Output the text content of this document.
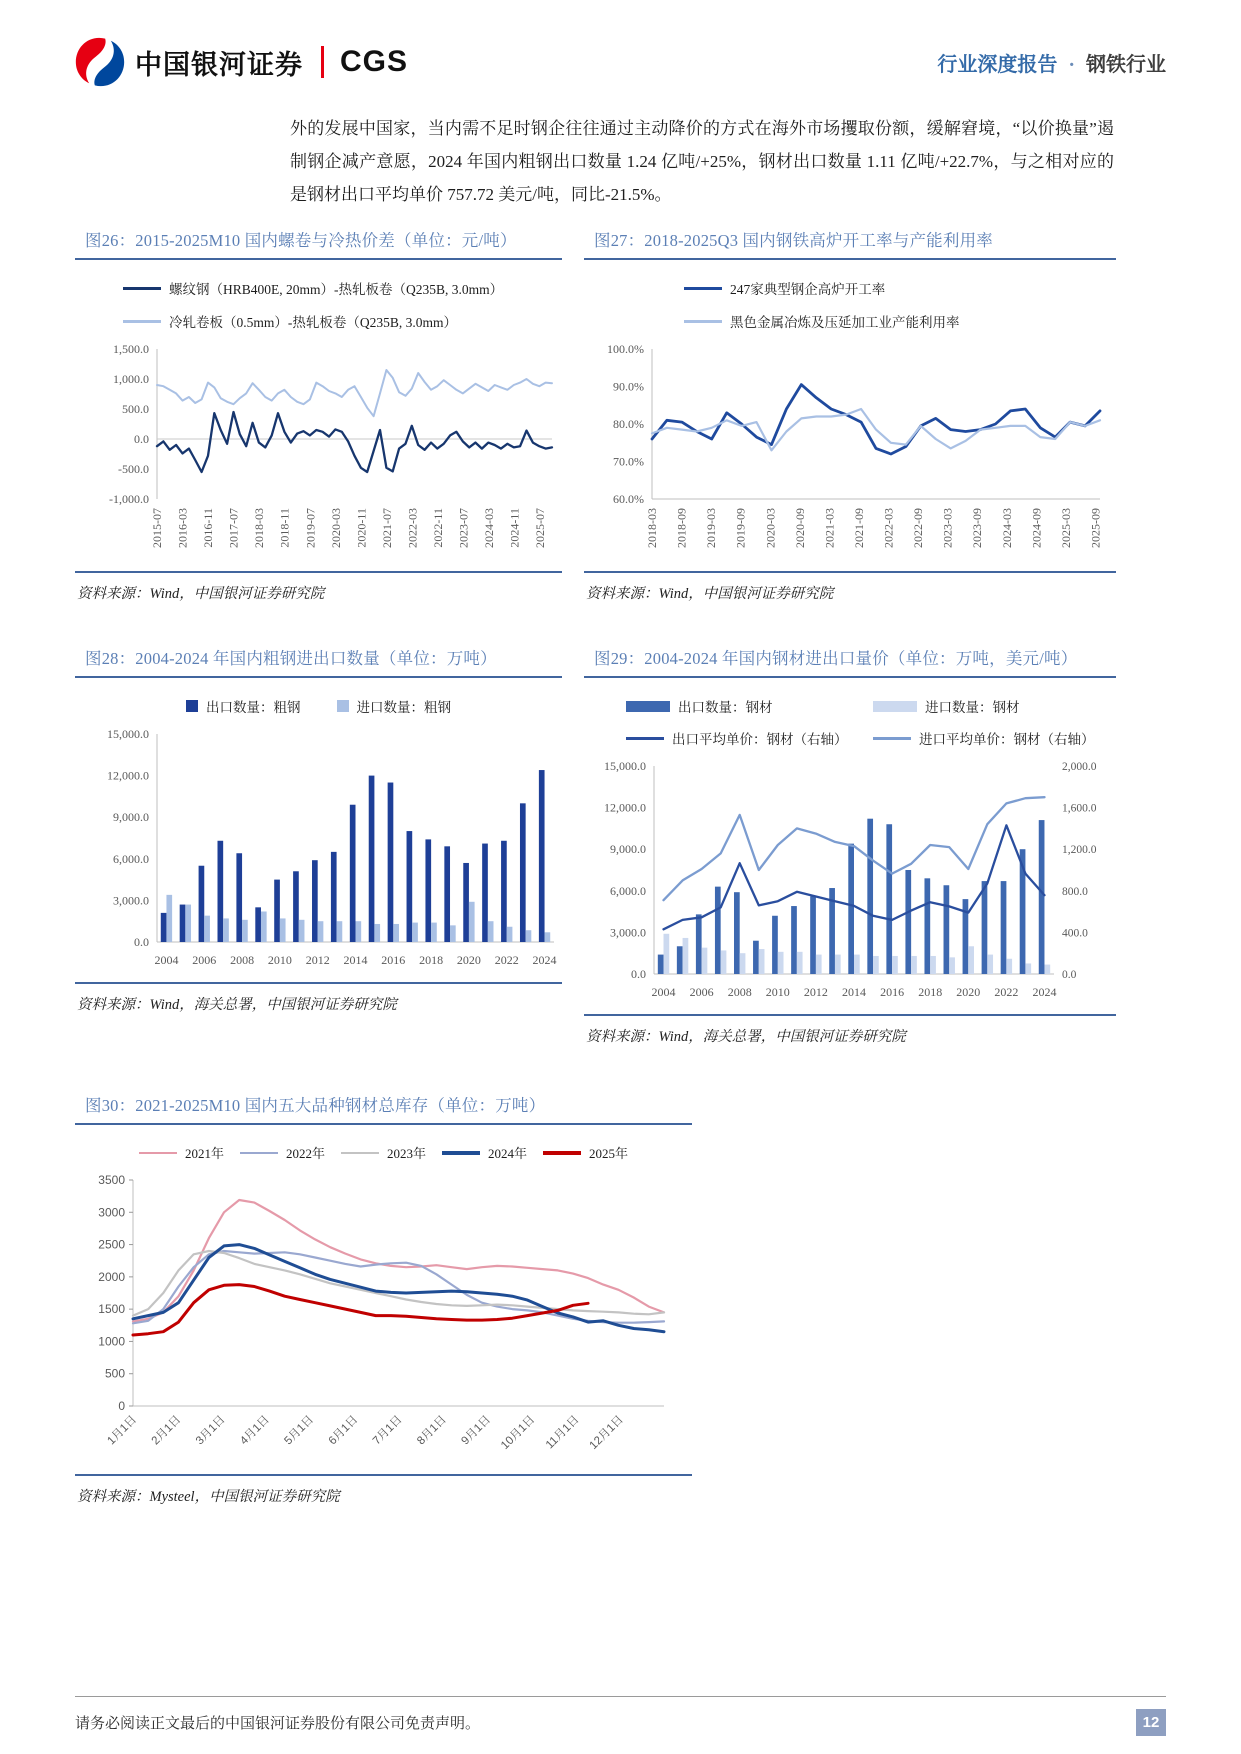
中国银河证券 CGS	行业深度报告 · 钢铁行业

外的发展中国家，当内需不足时钢企往往通过主动降价的方式在海外市场攫取份额，缓解窘境，“以价换量”遏制钢企减产意愿，2024 年国内粗钢出口数量 1.24 亿吨/+25%，钢材出口数量 1.11 亿吨/+22.7%，与之相对应的是钢材出口平均单价 757.72 美元/吨，同比-21.5%。

图26：2015-2025M10 国内螺卷与冷热价差（单位：元/吨）
螺纹钢（HRB400E, 20mm）-热轧板卷（Q235B, 3.0mm）
冷轧卷板（0.5mm）-热轧板卷（Q235B, 3.0mm）
1,500.0
1,000.0
500.0
0.0
-500.0
-1,000.0
2015-07 2016-03 2016-11 2017-07 2018-03 2018-11 2019-07 2020-03 2020-11 2021-07 2022-03 2022-11 2023-07 2024-03 2024-11 2025-07
资料来源：Wind，中国银河证券研究院
图27：2018-2025Q3 国内钢铁高炉开工率与产能利用率
247家典型钢企高炉开工率
黑色金属冶炼及压延加工业产能利用率
100.0%
90.0%
80.0%
70.0%
60.0%
2018-03 2018-09 2019-03 2019-09 2020-03 2020-09 2021-03 2021-09 2022-03 2022-09 2023-03 2023-09 2024-03 2024-09 2025-03 2025-09
资料来源：Wind，中国银河证券研究院
图28：2004-2024 年国内粗钢进出口数量（单位：万吨）
出口数量：粗钢	进口数量：粗钢
15,000.0
12,000.0
9,000.0
6,000.0
3,000.0
0.0
2004 2006 2008 2010 2012 2014 2016 2018 2020 2022 2024
资料来源：Wind，海关总署，中国银河证券研究院
图29：2004-2024 年国内钢材进出口量价（单位：万吨，美元/吨）
出口数量：钢材	进口数量：钢材
出口平均单价：钢材（右轴）	进口平均单价：钢材（右轴）
15,000.0
12,000.0
9,000.0
6,000.0
3,000.0
0.0
2,000.0
1,600.0
1,200.0
800.0
400.0
0.0
2004 2006 2008 2010 2012 2014 2016 2018 2020 2022 2024
资料来源：Wind，海关总署，中国银河证券研究院
图30：2021-2025M10 国内五大品种钢材总库存（单位：万吨）
2021年	2022年	2023年	2024年	2025年
3500
3000
2500
2000
1500
1000
500
0
1月1日 2月1日 3月1日 4月1日 5月1日 6月1日 7月1日 8月1日 9月1日 10月1日 11月1日 12月1日
资料来源：Mysteel，中国银河证券研究院
请务必阅读正文最后的中国银河证券股份有限公司免责声明。	12
